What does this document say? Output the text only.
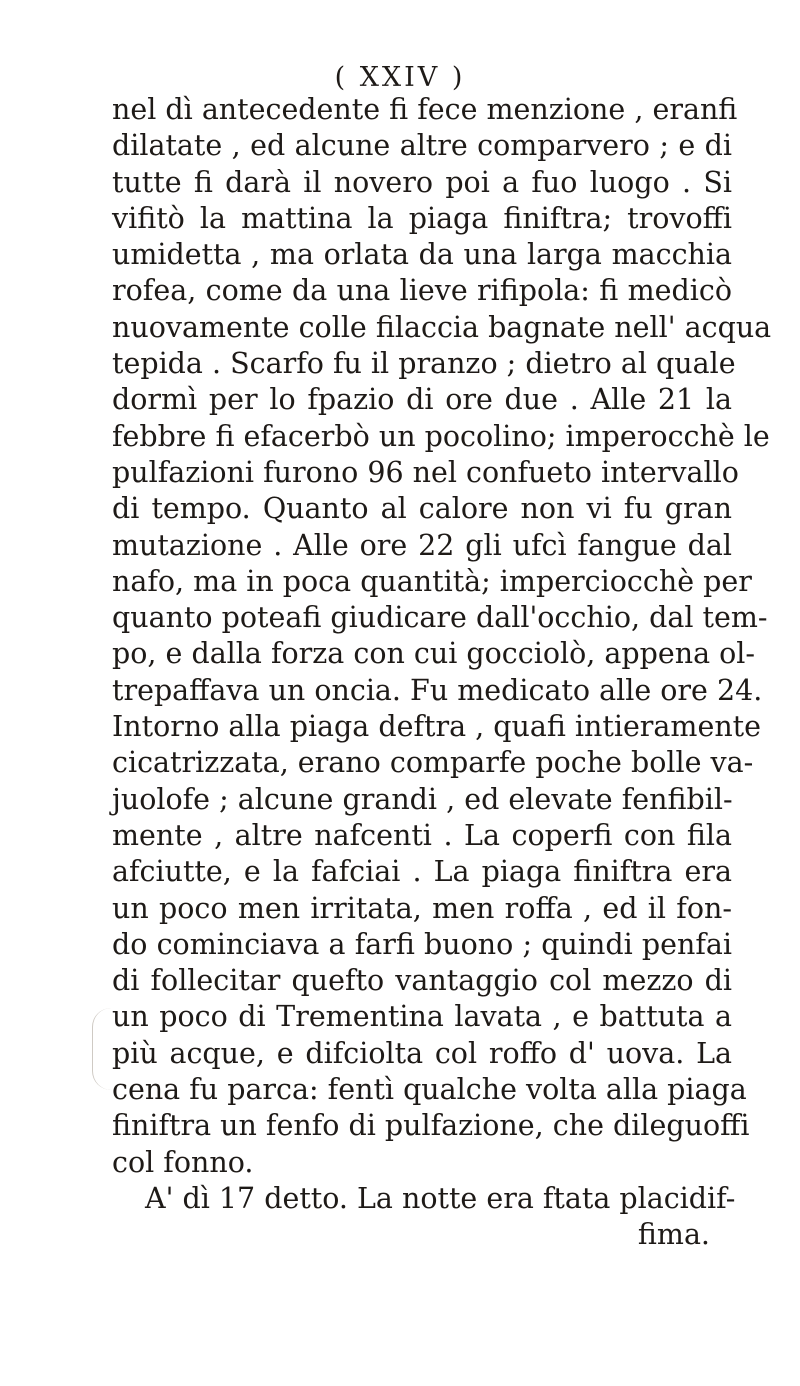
( XXIV )
nel dì antecedente fi fece menzione , eranfi
dilatate , ed alcune altre comparvero ; e di
tutte fi darà il novero poi a fuo luogo . Si
vifitò la mattina la piaga finiftra; trovoffi
umidetta , ma orlata da una larga macchia
rofea, come da una lieve rifipola: fi medicò
nuovamente colle filaccia bagnate nell' acqua
tepida . Scarfo fu il pranzo ; dietro al quale
dormì per lo fpazio di ore due . Alle 21 la
febbre fi efacerbò un pocolino; imperocchè le
pulfazioni furono 96 nel confueto intervallo
di tempo. Quanto al calore non vi fu gran
mutazione . Alle ore 22 gli ufcì fangue dal
nafo, ma in poca quantità; imperciocchè per
quanto poteafi giudicare dall'occhio, dal tem-
po, e dalla forza con cui gocciolò, appena ol-
trepaffava un oncia. Fu medicato alle ore 24.
Intorno alla piaga deftra , quafi intieramente
cicatrizzata, erano comparfe poche bolle va-
juolofe ; alcune grandi , ed elevate fenfibil-
mente , altre nafcenti . La coperfi con fila
afciutte, e la fafciai . La piaga finiftra era
un poco men irritata, men roffa , ed il fon-
do cominciava a farfi buono ; quindi penfai
di follecitar quefto vantaggio col mezzo di
un poco di Trementina lavata , e battuta a
più acque, e difciolta col roffo d' uova. La
cena fu parca: fentì qualche volta alla piaga
finiftra un fenfo di pulfazione, che dileguoffi
col fonno.
A' dì 17 detto. La notte era ftata placidif-
fima.
